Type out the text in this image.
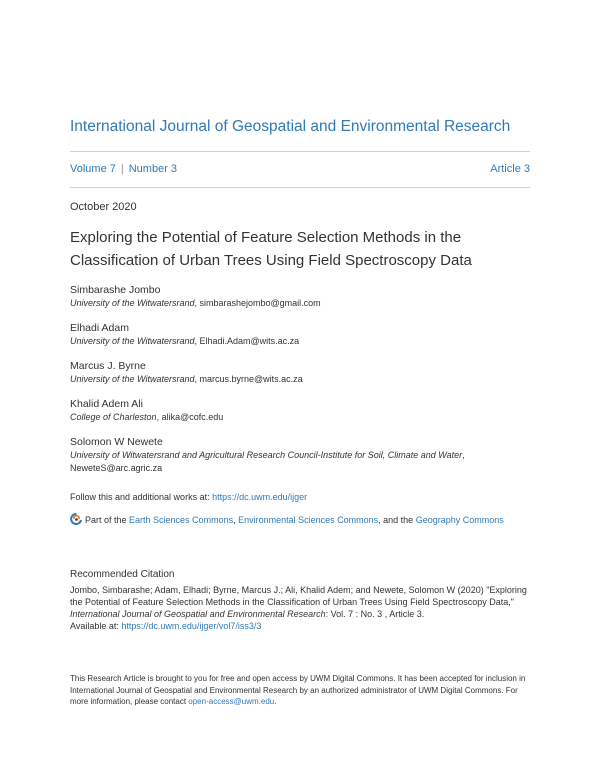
International Journal of Geospatial and Environmental Research
Volume 7 | Number 3	Article 3
October 2020
Exploring the Potential of Feature Selection Methods in the Classification of Urban Trees Using Field Spectroscopy Data
Simbarashe Jombo
University of the Witwatersrand, simbarashejombo@gmail.com
Elhadi Adam
University of the Witwatersrand, Elhadi.Adam@wits.ac.za
Marcus J. Byrne
University of the Witwatersrand, marcus.byrne@wits.ac.za
Khalid Adem Ali
College of Charleston, alika@cofc.edu
Solomon W Newete
University of Witwatersrand and Agricultural Research Council-Institute for Soil, Climate and Water,
NeweteS@arc.agric.za
Follow this and additional works at: https://dc.uwm.edu/ijger
Part of the Earth Sciences Commons, Environmental Sciences Commons, and the Geography Commons
Recommended Citation
Jombo, Simbarashe; Adam, Elhadi; Byrne, Marcus J.; Ali, Khalid Adem; and Newete, Solomon W (2020) "Exploring the Potential of Feature Selection Methods in the Classification of Urban Trees Using Field Spectroscopy Data," International Journal of Geospatial and Environmental Research: Vol. 7 : No. 3 , Article 3.
Available at: https://dc.uwm.edu/ijger/vol7/iss3/3
This Research Article is brought to you for free and open access by UWM Digital Commons. It has been accepted for inclusion in International Journal of Geospatial and Environmental Research by an authorized administrator of UWM Digital Commons. For more information, please contact open-access@uwm.edu.
